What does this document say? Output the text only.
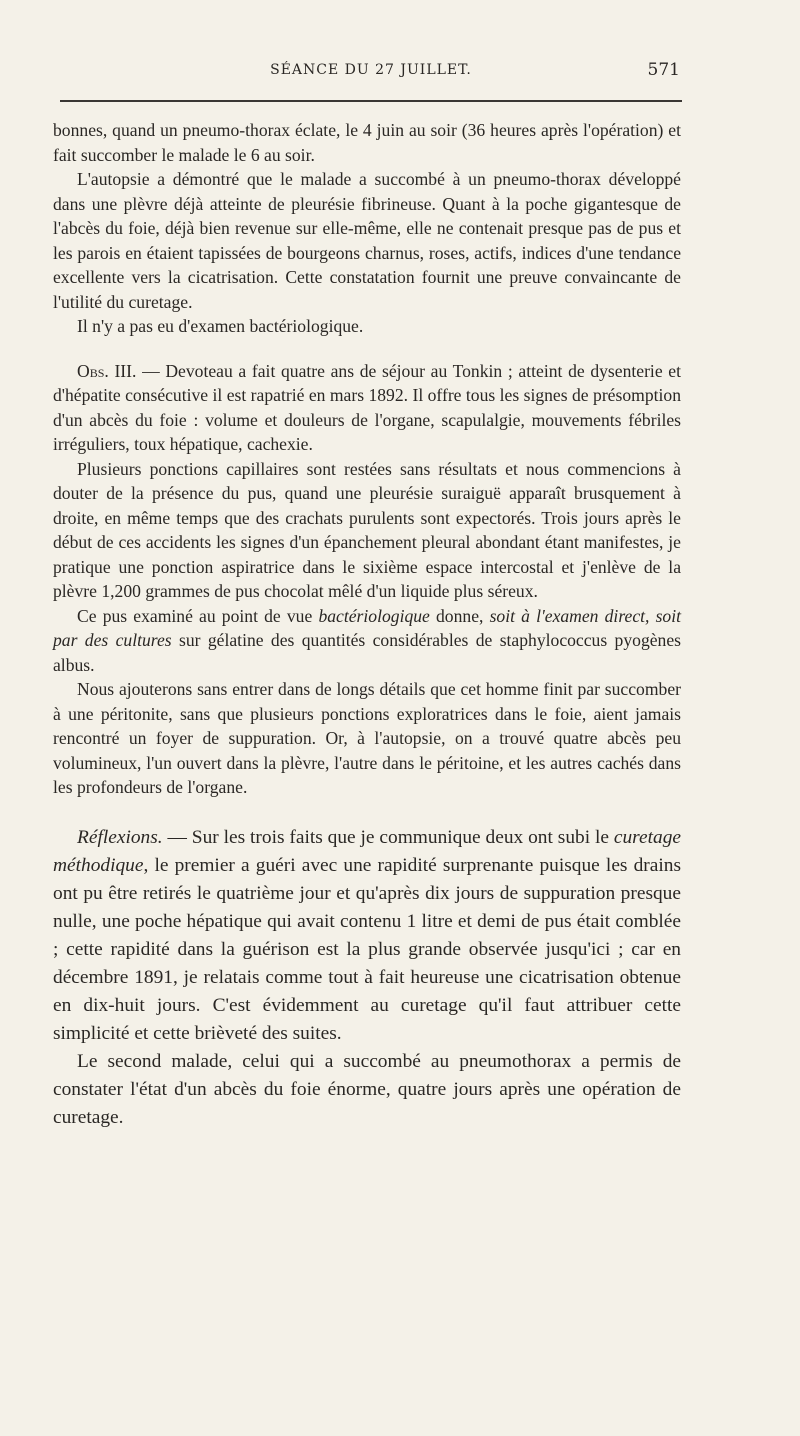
SÉANCE DU 27 JUILLET.	571

bonnes, quand un pneumo-thorax éclate, le 4 juin au soir (36 heures après l'opération) et fait succomber le malade le 6 au soir.

L'autopsie a démontré que le malade a succombé à un pneumo-thorax développé dans une plèvre déjà atteinte de pleurésie fibrineuse. Quant à la poche gigantesque de l'abcès du foie, déjà bien revenue sur elle-même, elle ne contenait presque pas de pus et les parois en étaient tapissées de bourgeons charnus, roses, actifs, indices d'une tendance excellente vers la cicatrisation. Cette constatation fournit une preuve convaincante de l'utilité du curetage.

Il n'y a pas eu d'examen bactériologique.

Obs. III. — Devoteau a fait quatre ans de séjour au Tonkin ; atteint de dysenterie et d'hépatite consécutive il est rapatrié en mars 1892. Il offre tous les signes de présomption d'un abcès du foie : volume et douleurs de l'organe, scapulalgie, mouvements fébriles irréguliers, toux hépatique, cachexie.

Plusieurs ponctions capillaires sont restées sans résultats et nous commencions à douter de la présence du pus, quand une pleurésie suraiguë apparaît brusquement à droite, en même temps que des crachats purulents sont expectorés. Trois jours après le début de ces accidents les signes d'un épanchement pleural abondant étant manifestes, je pratique une ponction aspiratrice dans le sixième espace intercostal et j'enlève de la plèvre 1,200 grammes de pus chocolat mêlé d'un liquide plus séreux.

Ce pus examiné au point de vue bactériologique donne, soit à l'examen direct, soit par des cultures sur gélatine des quantités considérables de staphylococcus pyogènes albus.

Nous ajouterons sans entrer dans de longs détails que cet homme finit par succomber à une péritonite, sans que plusieurs ponctions exploratrices dans le foie, aient jamais rencontré un foyer de suppuration. Or, à l'autopsie, on a trouvé quatre abcès peu volumineux, l'un ouvert dans la plèvre, l'autre dans le péritoine, et les autres cachés dans les profondeurs de l'organe.

Réflexions. — Sur les trois faits que je communique deux ont subi le curetage méthodique, le premier a guéri avec une rapidité surprenante puisque les drains ont pu être retirés le quatrième jour et qu'après dix jours de suppuration presque nulle, une poche hépatique qui avait contenu 1 litre et demi de pus était comblée ; cette rapidité dans la guérison est la plus grande observée jusqu'ici ; car en décembre 1891, je relatais comme tout à fait heureuse une cicatrisation obtenue en dix-huit jours. C'est évidemment au curetage qu'il faut attribuer cette simplicité et cette brièveté des suites.

Le second malade, celui qui a succombé au pneumothorax a permis de constater l'état d'un abcès du foie énorme, quatre jours après une opération de curetage.
